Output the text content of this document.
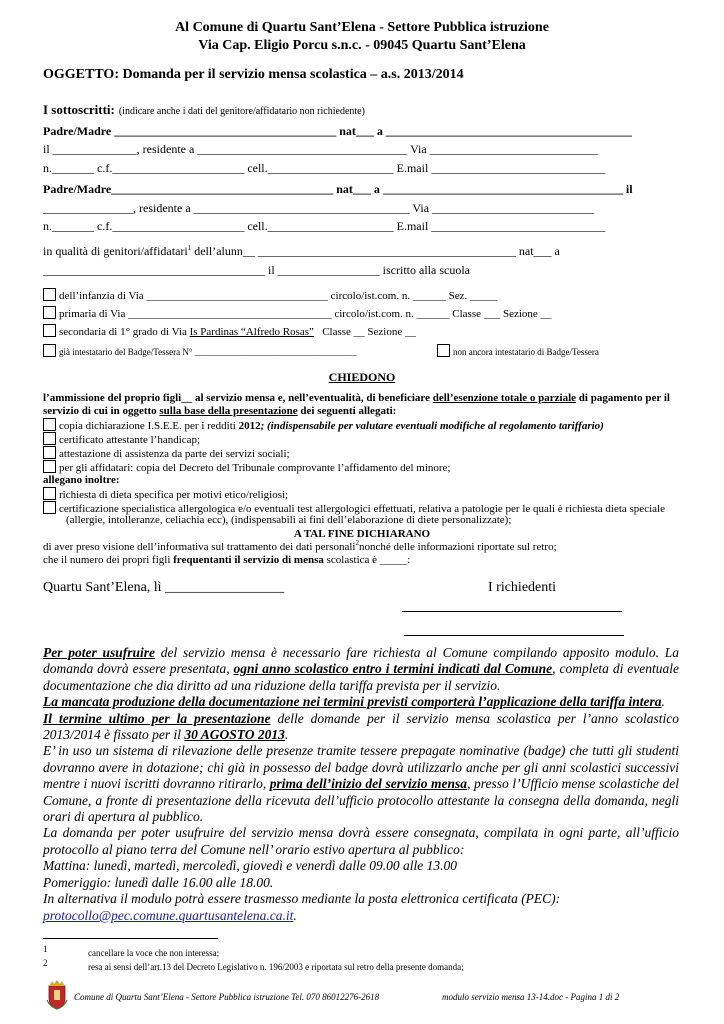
Al Comune di Quartu Sant’Elena - Settore Pubblica istruzione
Via Cap. Eligio Porcu s.n.c. - 09045 Quartu Sant’Elena
OGGETTO: Domanda per il servizio mensa scolastica – a.s. 2013/2014
I sottoscritti: (indicare anche i dati del genitore/affidatario non richiedente)
Padre/Madre _____________________________________ nat___ a _________________________________________
il ______________, residente a ___________________________________ Via ____________________________
n._______ c.f.______________________ cell._____________________ E.mail _____________________________
Padre/Madre_____________________________________ nat___ a ________________________________________ il
_______________, residente a ____________________________________ Via ___________________________
n._______ c.f.______________________ cell._____________________ E.mail _____________________________
in qualità di genitori/affidatari$^1$ dell’alunn__ ___________________________________________ nat___ a
_____________________________________ il _________________ iscritto alla scuola
dell’infanzia di Via _________________________________ circolo/ist.com. n. ______ Sez. _____
primaria di Via _____________________________________ circolo/ist.com. n. ______ Classe ___ Sezione __
secondaria di 1° grado di Via Is Pardinas “Alfredo Rosas” Classe __ Sezione __
già intestatario del Badge/Tessera N° ____________________________________	non ancora intestatario di Badge/Tessera
CHIEDONO
l’ammissione del proprio figli__ al servizio mensa e, nell’eventualità, di beneficiare dell’esenzione totale o parziale di pagamento per il
servizio di cui in oggetto sulla base della presentazione dei seguenti allegati:
copia dichiarazione I.S.E.E. per i redditi 2012; (indispensabile per valutare eventuali modifiche al regolamento tariffario)
certificato attestante l’handicap;
attestazione di assistenza da parte dei servizi sociali;
per gli affidatari: copia del Decreto del Tribunale comprovante l’affidamento del minore;
allegano inoltre:
richiesta di dieta specifica per motivi etico/religiosi;
certificazione specialistica allergologica e/o eventuali test allergologici effettuati, relativa a patologie per le quali è richiesta dieta speciale
(allergie, intolleranze, celiachia ecc), (indispensabili ai fini dell’elaborazione di diete personalizzate);
A TAL FINE DICHIARANO
di aver preso visione dell’informativa sul trattamento dei dati personali$^2$nonché delle informazioni riportate sul retro;
che il numero dei propri figli frequentanti il servizio di mensa scolastica è _____:
Quartu Sant’Elena, lì _________________	I richiedenti

Per poter usufruire del servizio mensa è necessario fare richiesta al Comune compilando apposito modulo. La domanda dovrà essere presentata, ogni anno scolastico entro i termini indicati dal Comune, completa di eventuale documentazione che dia diritto ad una riduzione della tariffa prevista per il servizio.

La mancata produzione della documentazione nei termini previsti comporterà l’applicazione della tariffa intera.

Il termine ultimo per la presentazione delle domande per il servizio mensa scolastica per l’anno scolastico 2013/2014 è fissato per il 30 AGOSTO 2013.

E’ in uso un sistema di rilevazione delle presenze tramite tessere prepagate nominative (badge) che tutti gli studenti dovranno avere in dotazione; chi già in possesso del badge dovrà utilizzarlo anche per gli anni scolastici successivi mentre i nuovi iscritti dovranno ritirarlo, prima dell’inizio del servizio mensa, presso l’Ufficio mense scolastiche del Comune, a fronte di presentazione della ricevuta dell’ufficio protocollo attestante la consegna della domanda, negli orari di apertura al pubblico.

La domanda per poter usufruire del servizio mensa dovrà essere consegnata, compilata in ogni parte, all’ufficio protocollo al piano terra del Comune nell’ orario estivo apertura al pubblico:

Mattina: lunedì, martedì, mercoledì, giovedì e venerdì dalle 09.00 alle 13.00

Pomeriggio: lunedì dalle 16.00 alle 18.00.

In alternativa il modulo potrà essere trasmesso mediante la posta elettronica certificata (PEC):
protocollo@pec.comune.quartusantelena.ca.it.

1	cancellare la voce che non interessa;
2	resa ai sensi dell’art.13 del Decreto Legislativo n. 196/2003 e riportata sul retro della presente domanda;
Comune di Quartu Sant’Elena - Settore Pubblica istruzione Tel. 070 86012276-2618	modulo servizio mensa 13-14.doc - Pagina 1 di 2
